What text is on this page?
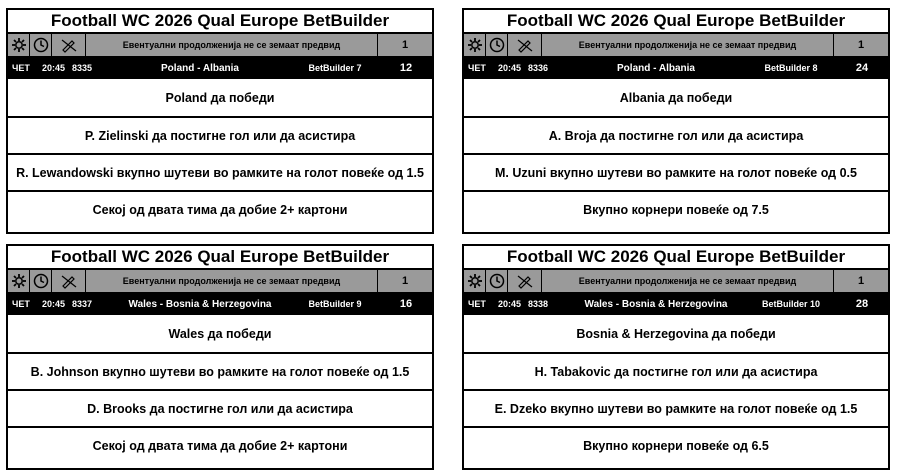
Football WC 2026 Qual Europe BetBuilder
Евентуални продолженија не се земаат предвид	1
ЧЕТ	20:45 8335	Poland - Albania	BetBuilder 7	12
Poland да победи
P. Zielinski да постигне гол или да асистира
R. Lewandowski вкупно шутеви во рамките на голот повеќе од 1.5
Секој од двата тима да добие 2+ картони
Football WC 2026 Qual Europe BetBuilder
Евентуални продолженија не се земаат предвид	1
ЧЕТ	20:45 8336	Poland - Albania	BetBuilder 8	24
Albania да победи
A. Broja да постигне гол или да асистира
M. Uzuni вкупно шутеви во рамките на голот повеќе од 0.5
Вкупно корнери повеќе од 7.5
Football WC 2026 Qual Europe BetBuilder
Евентуални продолженија не се земаат предвид	1
ЧЕТ	20:45 8337	Wales - Bosnia & Herzegovina	BetBuilder 9	16
Wales да победи
B. Johnson вкупно шутеви во рамките на голот повеќе од 1.5
D. Brooks да постигне гол или да асистира
Секој од двата тима да добие 2+ картони
Football WC 2026 Qual Europe BetBuilder
Евентуални продолженија не се земаат предвид	1
ЧЕТ	20:45 8338	Wales - Bosnia & Herzegovina	BetBuilder 10	28
Bosnia & Herzegovina да победи
H. Tabakovic да постигне гол или да асистира
E. Dzeko вкупно шутеви во рамките на голот повеќе од 1.5
Вкупно корнери повеќе од 6.5
